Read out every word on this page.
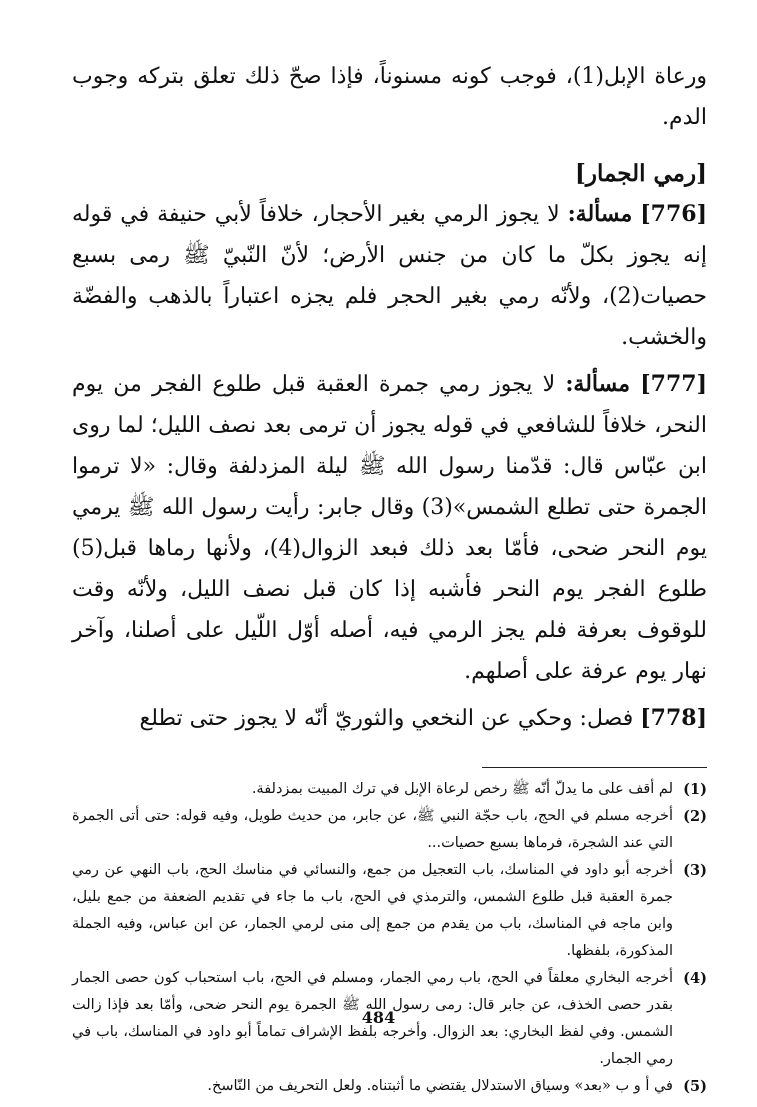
ورعاة الإبل(1)، فوجب كونه مسنوناً، فإذا صحّ ذلك تعلق بتركه وجوب الدم.

[رمي الجمار]

[776] مسألة: لا يجوز الرمي بغير الأحجار، خلافاً لأبي حنيفة في قوله إنه يجوز بكلّ ما كان من جنس الأرض؛ لأنّ النّبيّ ﷺ رمى بسبع حصيات(2)، ولأنّه رمي بغير الحجر فلم يجزه اعتباراً بالذهب والفضّة والخشب.

[777] مسألة: لا يجوز رمي جمرة العقبة قبل طلوع الفجر من يوم النحر، خلافاً للشافعي في قوله يجوز أن ترمى بعد نصف الليل؛ لما روى ابن عبّاس قال: قدّمنا رسول الله ﷺ ليلة المزدلفة وقال: «لا ترموا الجمرة حتى تطلع الشمس»(3) وقال جابر: رأيت رسول الله ﷺ يرمي يوم النحر ضحى، فأمّا بعد ذلك فبعد الزوال(4)، ولأنها رماها قبل(5) طلوع الفجر يوم النحر فأشبه إذا كان قبل نصف الليل، ولأنّه وقت للوقوف بعرفة فلم يجز الرمي فيه، أصله أوّل اللّيل على أصلنا، وآخر نهار يوم عرفة على أصلهم.

[778] فصل: وحكي عن النخعي والثوريّ أنّه لا يجوز حتى تطلع

(1)
لم أقف على ما يدلّ أنّه ﷺ رخص لرعاة الإبل في ترك المبيت بمزدلفة.
(2)
أخرجه مسلم في الحج، باب حجّة النبي ﷺ، عن جابر، من حديث طويل، وفيه قوله: حتى أتى الجمرة التي عند الشجرة، فرماها بسبع حصيات...
(3)
أخرجه أبو داود في المناسك، باب التعجيل من جمع، والنسائي في مناسك الحج، باب النهي عن رمي جمرة العقبة قبل طلوع الشمس، والترمذي في الحج، باب ما جاء في تقديم الضعفة من جمع بليل، وابن ماجه في المناسك، باب من يقدم من جمع إلى منى لرمي الجمار، عن ابن عباس، وفيه الجملة المذكورة، بلفظها.
(4)
أخرجه البخاري معلقاً في الحج، باب رمي الجمار، ومسلم في الحج، باب استحباب كون حصى الجمار بقدر حصى الخذف، عن جابر قال: رمى رسول الله ﷺ الجمرة يوم النحر ضحى، وأمّا بعد فإذا زالت الشمس. وفي لفظ البخاري: بعد الزوال. وأخرجه بلفظ الإشراف تماماً أبو داود في المناسك، باب في رمي الجمار.
(5)
في أ و ب «بعد» وسياق الاستدلال يقتضي ما أثبتناه. ولعل التحريف من النّاسخ.
484
